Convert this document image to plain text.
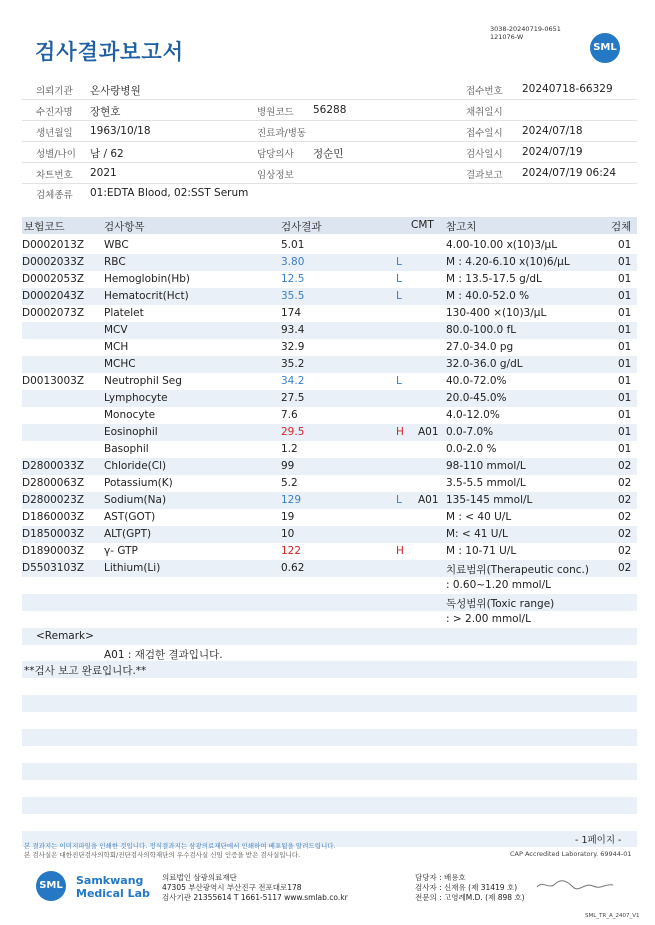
검사결과보고서
3038-20240719-0651
121076-W
SML
의뢰기관 온사랑병원	접수번호 20240718-66329
수진자명 장현호	병원코드 56288	채취일시
생년월일 1963/10/18	진료과/병동	접수일시 2024/07/18
성별/나이 남 / 62	담당의사 정순민	검사일시 2024/07/19
차트번호 2021	임상정보	결과보고 2024/07/19 06:24
검체종류 01:EDTA Blood, 02:SST Serum
보험코드	검사항목	검사결과	CMT 참고치	검체
D0002013Z WBC	5.01	4.00-10.00 x(10)3/μL	01
D0002033Z RBC	3.80	L	M : 4.20-6.10 x(10)6/μL	01
D0002053Z Hemoglobin(Hb)	12.5	L	M : 13.5-17.5 g/dL	01
D0002043Z Hematocrit(Hct)	35.5	L	M : 40.0-52.0 %	01
D0002073Z Platelet	174	130-400 ×(10)3/μL	01
MCV	93.4	80.0-100.0 fL	01
MCH	32.9	27.0-34.0 pg	01
MCHC	35.2	32.0-36.0 g/dL	01
D0013003Z Neutrophil Seg	34.2	L	40.0-72.0%	01
Lymphocyte	27.5	20.0-45.0%	01
Monocyte	7.6	4.0-12.0%	01
Eosinophil	29.5	H A01 0.0-7.0%	01
Basophil	1.2	0.0-2.0 %	01
D2800033Z Chloride(Cl)	99	98-110 mmol/L	02
D2800063Z Potassium(K)	5.2	3.5-5.5 mmol/L	02
D2800023Z Sodium(Na)	129	L A01 135-145 mmol/L	02
D1860003Z AST(GOT)	19	M : < 40 U/L	02
D1850003Z ALT(GPT)	10	M: < 41 U/L	02
D1890003Z γ- GTP	122	H	M : 10-71 U/L	02
D5503103Z Lithium(Li)	0.62	치료범위(Therapeutic conc.)	02
: 0.60~1.20 mmol/L
독성범위(Toxic range)
: > 2.00 mmol/L
<Remark>
A01 : 재검한 결과입니다.
**검사 보고 완료입니다.**
- 1페이지 -
본 결과지는 이미지파일을 인쇄한 것입니다. 정식결과지는 삼광의료재단에서 인쇄하여 배포됨을 알려드립니다.
본 검사실은 대한진단검사의학회/진단검사의학재단의 우수검사실 신임 인증을 받은 검사실입니다.	CAP Accredited Laboratory. 69944-01
SML Samkwang
Medical Lab
의료법인 삼광의료재단
47305 부산광역시 부산진구 전포대로178
검사기관 21355614 T 1661-5117 www.smlab.co.kr
담당자 : 배용호
검사자 : 신재유 (제 31419 호)
전문의 : 고영례M.D. (제 898 호)
SML_TR_A_2407_V1
